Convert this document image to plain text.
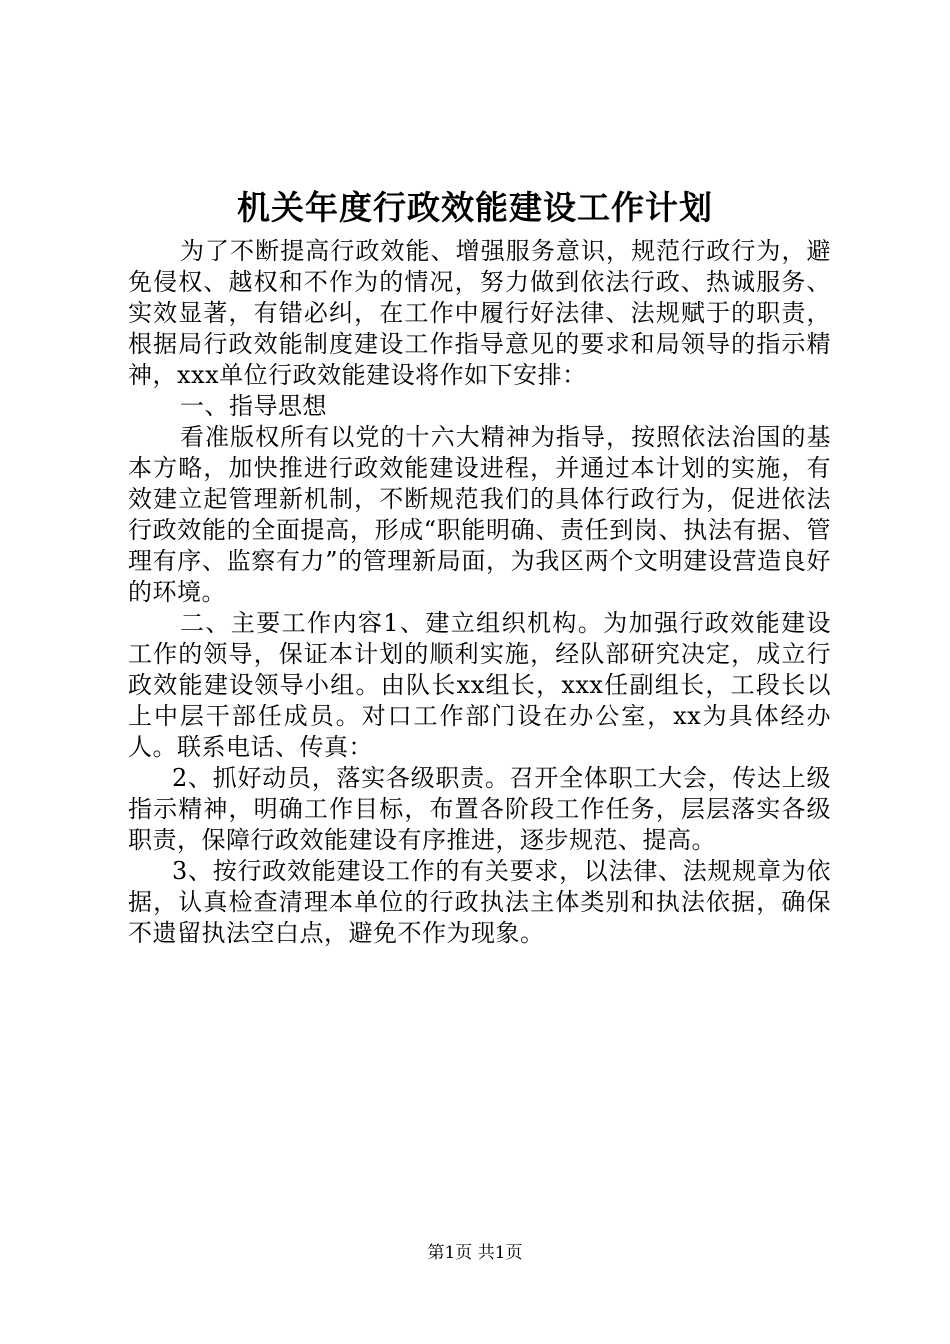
机关年度行政效能建设工作计划

为了不断提高行政效能、增强服务意识，规范行政行为，避免侵权、越权和不作为的情况，努力做到依法行政、热诚服务、实效显著，有错必纠，在工作中履行好法律、法规赋于的职责，根据局行政效能制度建设工作指导意见的要求和局领导的指示精神，xxx单位行政效能建设将作如下安排：

一、指导思想

看准版权所有以党的十六大精神为指导，按照依法治国的基本方略，加快推进行政效能建设进程，并通过本计划的实施，有效建立起管理新机制，不断规范我们的具体行政行为，促进依法行政效能的全面提高，形成“职能明确、责任到岗、执法有据、管理有序、监察有力”的管理新局面，为我区两个文明建设营造良好的环境。

二、主要工作内容1、建立组织机构。为加强行政效能建设工作的领导，保证本计划的顺利实施，经队部研究决定，成立行政效能建设领导小组。由队长xx组长，xxx任副组长，工段长以上中层干部任成员。对口工作部门设在办公室，xx为具体经办人。联系电话、传真：

2、抓好动员，落实各级职责。召开全体职工大会，传达上级指示精神，明确工作目标，布置各阶段工作任务，层层落实各级职责，保障行政效能建设有序推进，逐步规范、提高。

3、按行政效能建设工作的有关要求，以法律、法规规章为依据，认真检查清理本单位的行政执法主体类别和执法依据，确保不遗留执法空白点，避免不作为现象。

第1页 共1页
